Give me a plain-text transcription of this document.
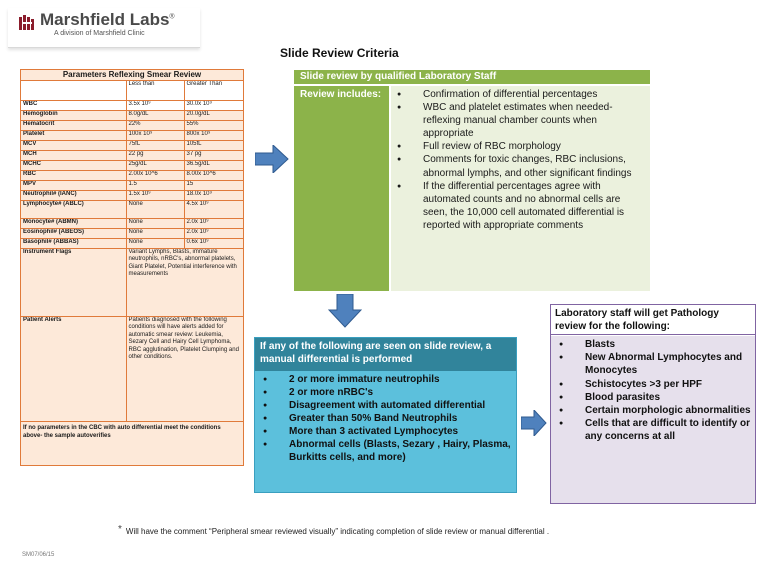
Marshfield Labs®
A division of Marshfield Clinic
Slide Review Criteria
Parameters Reflexing Smear Review		
	Less than	Greater Than
WBC	3.5x 10⁹	30.0x 10⁹
Hemoglobin	8.0g/dL	20.0g/dL
Hematocrit	22%	55%
Platelet	100x 10⁹	800x 10⁹
MCV	75fL	105fL
MCH	22 pg	37 pg
MCHC	25g/dL	36.5g/dL
RBC	2.00x 10^6	8.00x 10^6
MPV	1.5	15
Neutrophil# (IANC)	1.5x 10⁹	18.0x 10⁹
Lymphocyte# (ABLC)	None	4.5x 10⁹
Monocyte# (ABMN)	None	2.0x 10⁹
Eosinophil# (ABEOS)	None	2.0x 10⁹
Basophil# (ABBAS)	None	0.6x 10⁹
Instrument Flags	Variant Lymphs, Blasts, immature neutrophils, nRBC's, abnormal platelets, Giant Platelet, Potential interference with measurements	
Patient Alerts	Patients diagnosed with the following conditions will have alerts added for automatic smear review: Leukemia, Sezary Cell and Hairy Cell Lymphoma, RBC agglutination, Platelet Clumping and other conditions.	
If no parameters in the CBC with auto differential meet the conditions above- the sample autoverifies		
Slide review by qualified Laboratory Staff
Review includes:	● Confirmation of differential percentages
● WBC and platelet estimates when needed- reflexing manual chamber counts when appropriate
● Full review of RBC morphology
● Comments for toxic changes, RBC inclusions, abnormal lymphs, and other significant findings
● If the differential percentages agree with automated counts and no abnormal cells are seen, the 10,000 cell automated differential is reported with appropriate comments
If any of the following are seen on slide review, a manual differential is performed
● 2 or more immature neutrophils
● 2 or more nRBC's
● Disagreement with automated differential
● Greater than 50% Band Neutrophils
● More than 3 activated Lymphocytes
● Abnormal cells (Blasts, Sezary , Hairy, Plasma, Burkitts cells, and more)
Laboratory staff will get Pathology review for the following:
● Blasts
● New Abnormal Lymphocytes and Monocytes
● Schistocytes >3 per HPF
● Blood parasites
● Certain morphologic abnormalities
● Cells that are difficult to identify or any concerns at all
* Will have the comment “Peripheral smear reviewed visually” indicating completion of slide review or manual differential .
SM07/06/15
